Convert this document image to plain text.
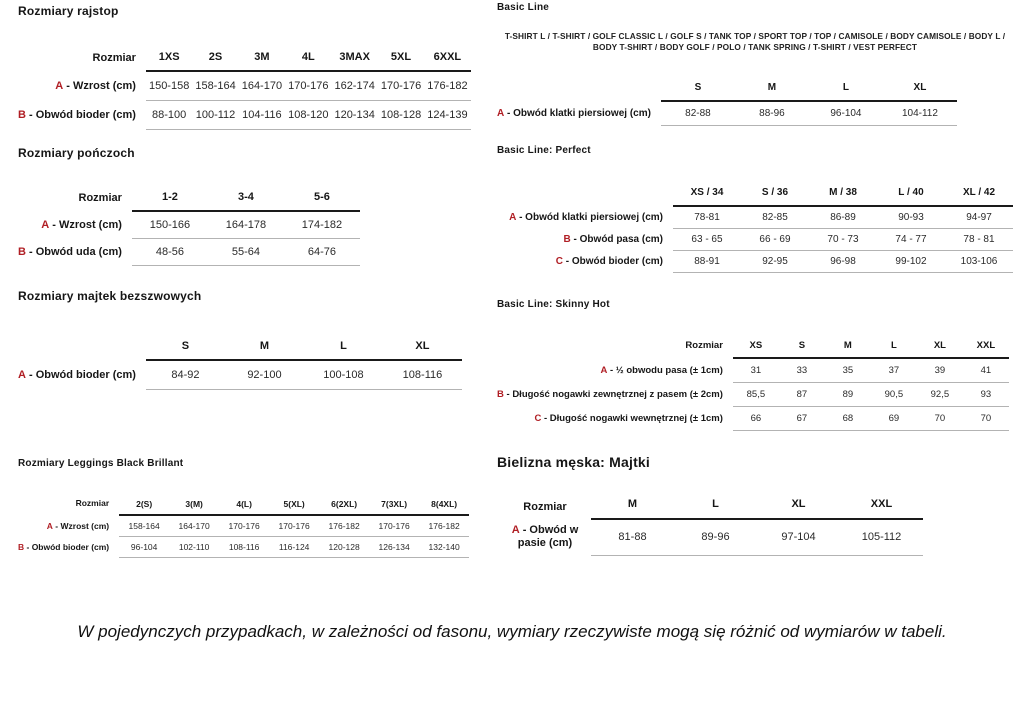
Rozmiary rajstop
Rozmiar	1XS	2S	3M	4L	3MAX	5XL	6XXL
A - Wzrost (cm)	150-158	158-164	164-170	170-176	162-174	170-176	176-182
B - Obwód bioder (cm)	88-100	100-112	104-116	108-120	120-134	108-128	124-139
Rozmiary pończoch
Rozmiar	1-2	3-4	5-6
A - Wzrost (cm)	150-166	164-178	174-182
B - Obwód uda (cm)	48-56	55-64	64-76
Rozmiary majtek bezszwowych
	S	M	L	XL
A - Obwód bioder (cm)	84-92	92-100	100-108	108-116
Rozmiary Leggings Black Brillant
Rozmiar	2(S)	3(M)	4(L)	5(XL)	6(2XL)	7(3XL)	8(4XL)
A - Wzrost (cm)	158-164	164-170	170-176	170-176	176-182	170-176	176-182
B - Obwód bioder (cm)	96-104	102-110	108-116	116-124	120-128	126-134	132-140
Basic Line

T-SHIRT L / T-SHIRT / GOLF CLASSIC L / GOLF S / TANK TOP / SPORT TOP / TOP / CAMISOLE / BODY CAMISOLE / BODY L / BODY T-SHIRT / BODY GOLF / POLO / TANK SPRING / T-SHIRT / VEST PERFECT

	S	M	L	XL
A - Obwód klatki piersiowej (cm)	82-88	88-96	96-104	104-112
Basic Line: Perfect
	XS / 34	S / 36	M / 38	L / 40	XL / 42
A - Obwód klatki piersiowej (cm)	78-81	82-85	86-89	90-93	94-97
B - Obwód pasa (cm)	63 - 65	66 - 69	70 - 73	74 - 77	78 - 81
C - Obwód bioder (cm)	88-91	92-95	96-98	99-102	103-106
Basic Line: Skinny Hot
Rozmiar	XS	S	M	L	XL	XXL
A - ½ obwodu pasa (± 1cm)	31	33	35	37	39	41
B - Długość nogawki zewnętrznej z pasem (± 2cm)	85,5	87	89	90,5	92,5	93
C - Długość nogawki wewnętrznej (± 1cm)	66	67	68	69	70	70
Bielizna męska: Majtki
Rozmiar	M	L	XL	XXL
A - Obwód w pasie (cm)	81-88	89-96	97-104	105-112

W pojedynczych przypadkach, w zależności od fasonu, wymiary rzeczywiste mogą się różnić od wymiarów w tabeli.
